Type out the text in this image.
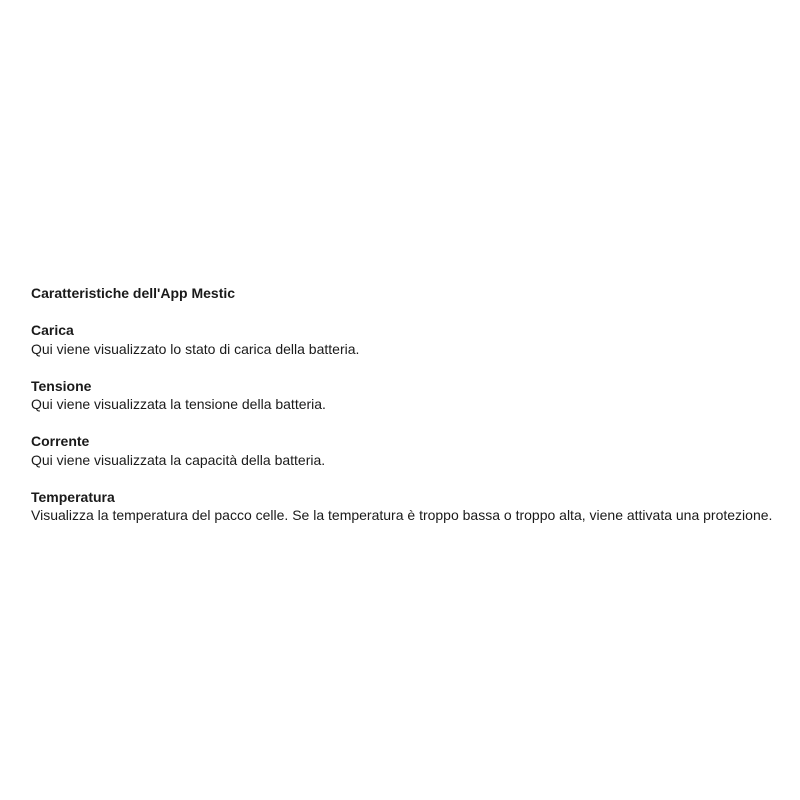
Caratteristiche dell'App Mestic

Carica

Qui viene visualizzato lo stato di carica della batteria.

Tensione

Qui viene visualizzata la tensione della batteria.

Corrente

Qui viene visualizzata la capacità della batteria.

Temperatura

Visualizza la temperatura del pacco celle. Se la temperatura è troppo bassa o troppo alta, viene attivata una protezione.
